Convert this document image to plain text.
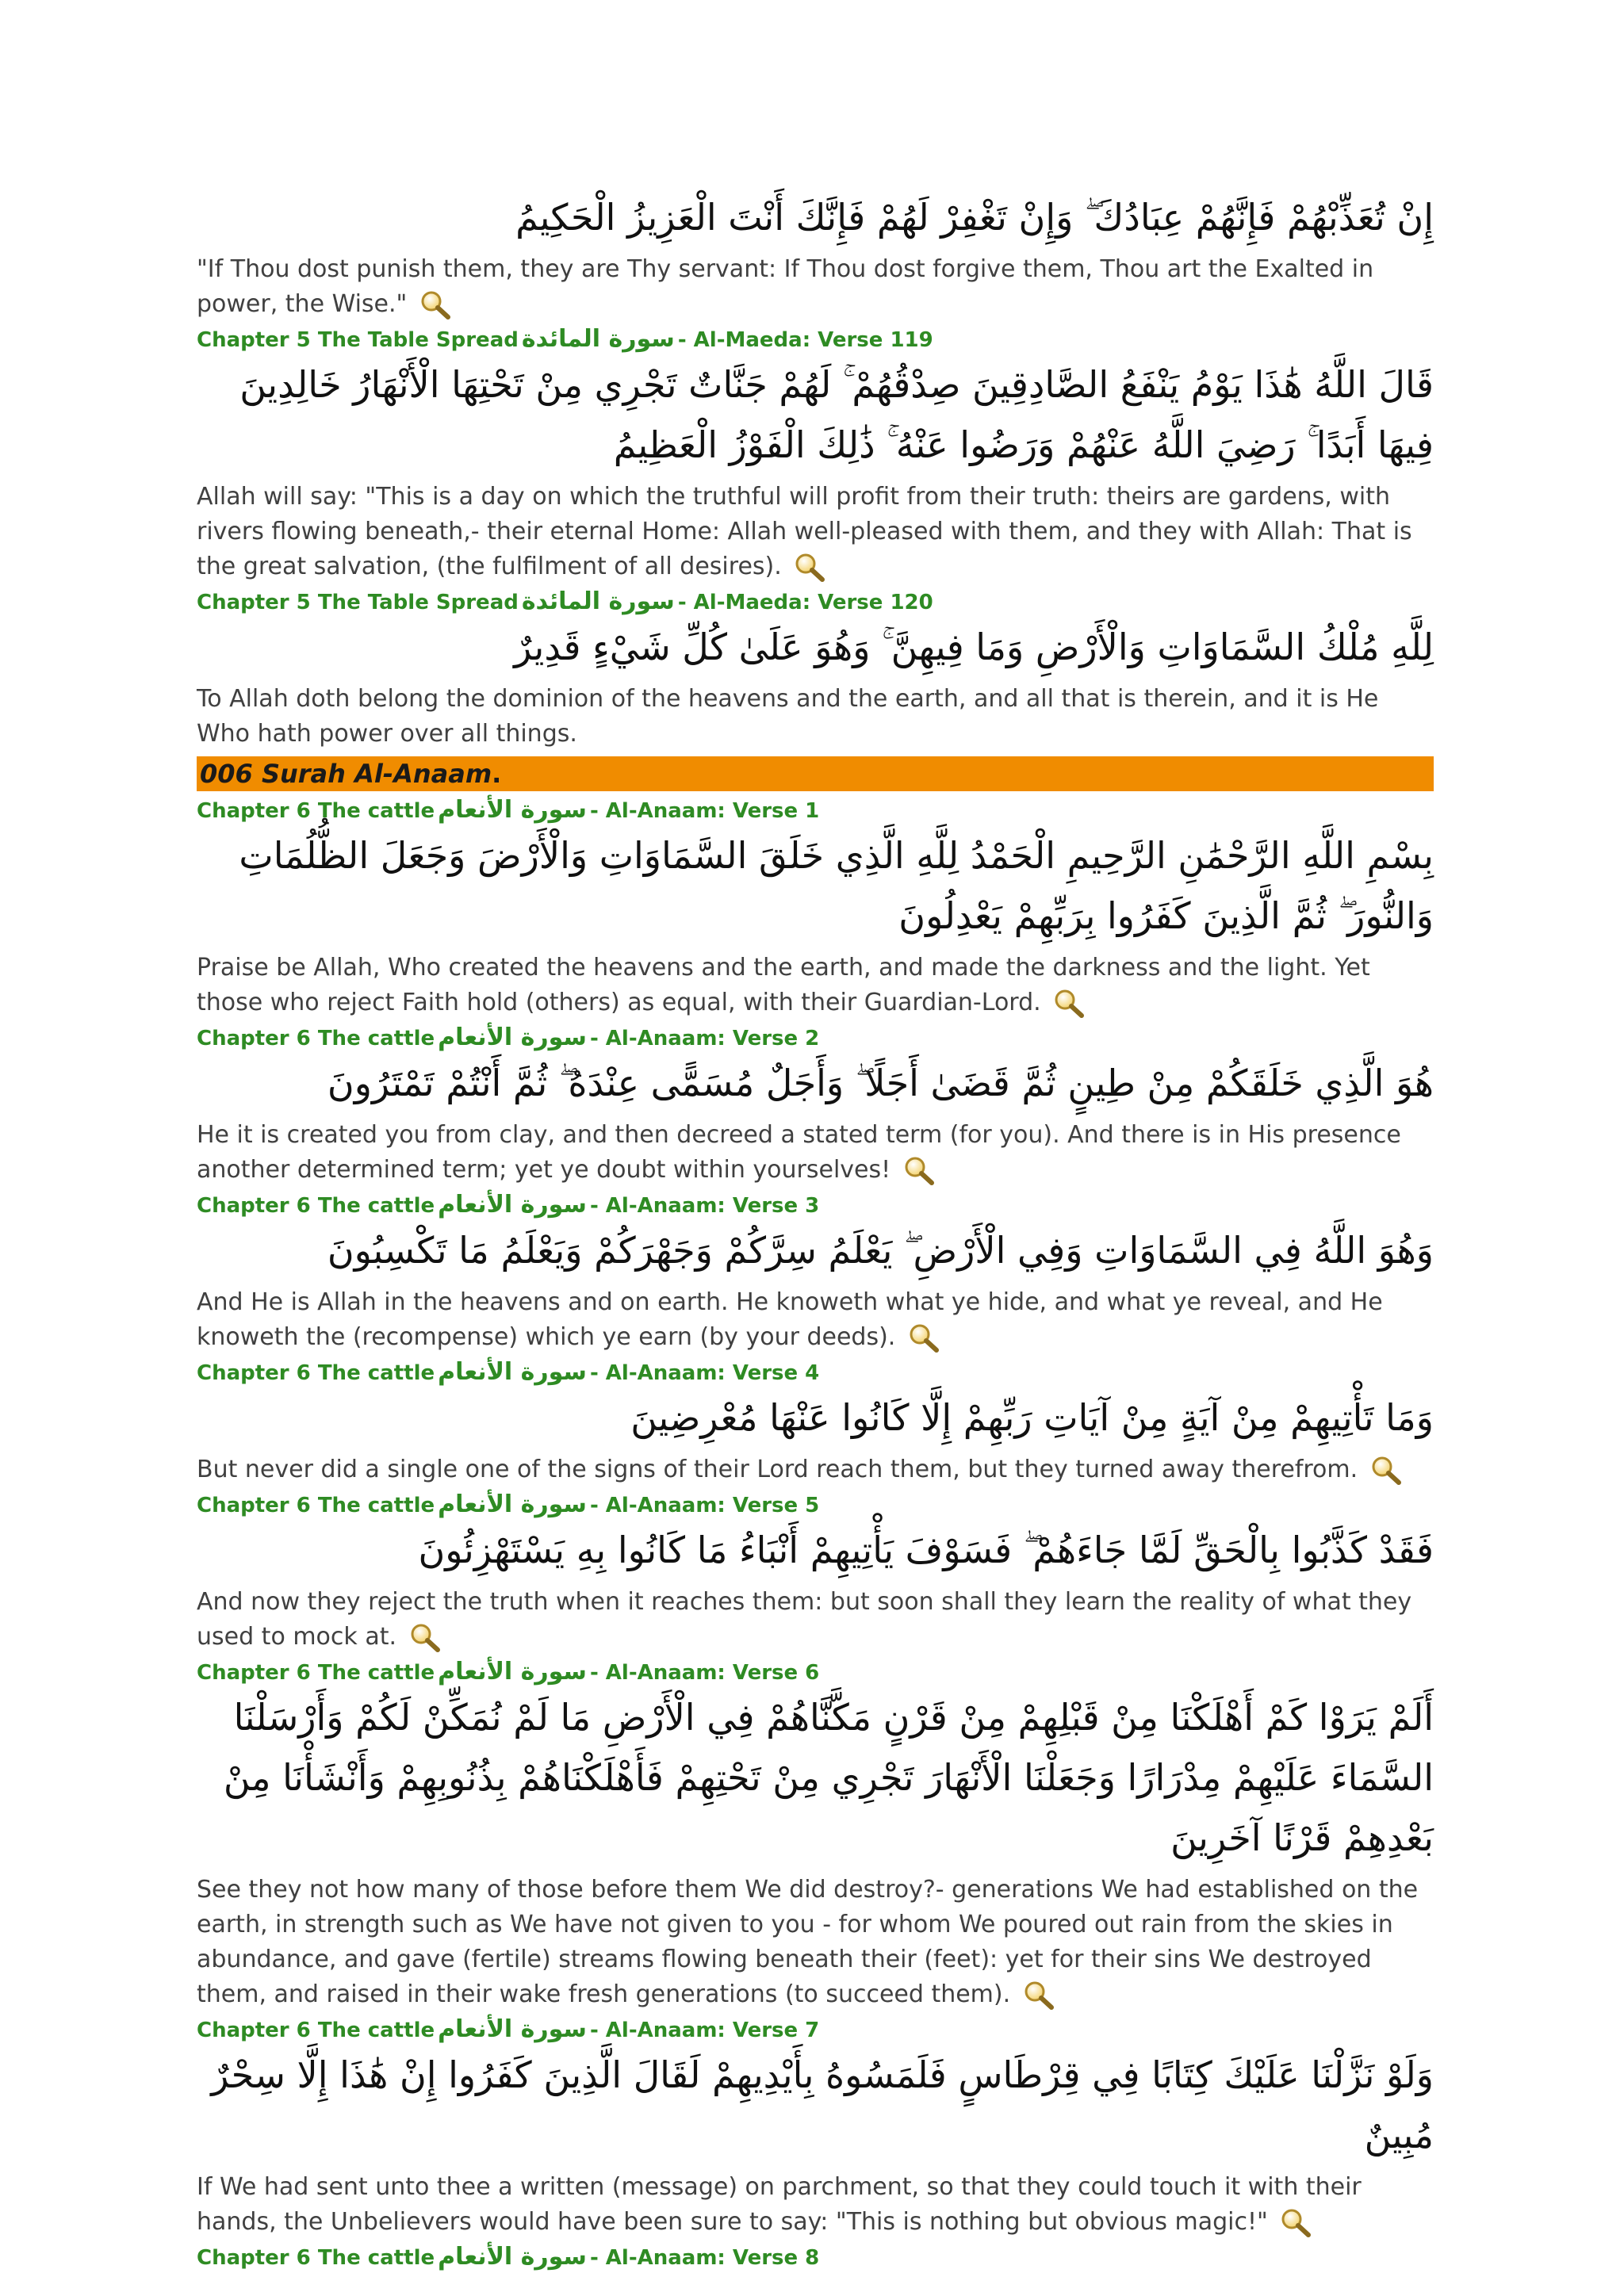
إِنْ تُعَذِّبْهُمْ فَإِنَّهُمْ عِبَادُكَ ۖ وَإِنْ تَغْفِرْ لَهُمْ فَإِنَّكَ أَنْتَ الْعَزِيزُ الْحَكِيمُ

"If Thou dost punish them, they are Thy servant: If Thou dost forgive them, Thou art the Exalted in power, the Wise."

Chapter 5 The Table Spread سورة المائدة - Al-Maeda: Verse 119

قَالَ اللَّهُ هَٰذَا يَوْمُ يَنْفَعُ الصَّادِقِينَ صِدْقُهُمْ ۚ لَهُمْ جَنَّاتٌ تَجْرِي مِنْ تَحْتِهَا الْأَنْهَارُ خَالِدِينَ فِيهَا أَبَدًا ۚ رَضِيَ اللَّهُ عَنْهُمْ وَرَضُوا عَنْهُ ۚ ذَٰلِكَ الْفَوْزُ الْعَظِيمُ

Allah will say: "This is a day on which the truthful will profit from their truth: theirs are gardens, with rivers flowing beneath,- their eternal Home: Allah well-pleased with them, and they with Allah: That is the great salvation, (the fulfilment of all desires).

Chapter 5 The Table Spread سورة المائدة - Al-Maeda: Verse 120

لِلَّهِ مُلْكُ السَّمَاوَاتِ وَالْأَرْضِ وَمَا فِيهِنَّ ۚ وَهُوَ عَلَىٰ كُلِّ شَيْءٍ قَدِيرٌ

To Allah doth belong the dominion of the heavens and the earth, and all that is therein, and it is He Who hath power over all things.

006 Surah Al-Anaam.
Chapter 6 The cattle سورة الأنعام - Al-Anaam: Verse 1

بِسْمِ اللَّهِ الرَّحْمَٰنِ الرَّحِيمِ الْحَمْدُ لِلَّهِ الَّذِي خَلَقَ السَّمَاوَاتِ وَالْأَرْضَ وَجَعَلَ الظُّلُمَاتِ وَالنُّورَ ۖ ثُمَّ الَّذِينَ كَفَرُوا بِرَبِّهِمْ يَعْدِلُونَ

Praise be Allah, Who created the heavens and the earth, and made the darkness and the light. Yet those who reject Faith hold (others) as equal, with their Guardian-Lord.

Chapter 6 The cattle سورة الأنعام - Al-Anaam: Verse 2

هُوَ الَّذِي خَلَقَكُمْ مِنْ طِينٍ ثُمَّ قَضَىٰ أَجَلًا ۖ وَأَجَلٌ مُسَمًّى عِنْدَهُ ۖ ثُمَّ أَنْتُمْ تَمْتَرُونَ

He it is created you from clay, and then decreed a stated term (for you). And there is in His presence another determined term; yet ye doubt within yourselves!

Chapter 6 The cattle سورة الأنعام - Al-Anaam: Verse 3

وَهُوَ اللَّهُ فِي السَّمَاوَاتِ وَفِي الْأَرْضِ ۖ يَعْلَمُ سِرَّكُمْ وَجَهْرَكُمْ وَيَعْلَمُ مَا تَكْسِبُونَ

And He is Allah in the heavens and on earth. He knoweth what ye hide, and what ye reveal, and He knoweth the (recompense) which ye earn (by your deeds).

Chapter 6 The cattle سورة الأنعام - Al-Anaam: Verse 4

وَمَا تَأْتِيهِمْ مِنْ آيَةٍ مِنْ آيَاتِ رَبِّهِمْ إِلَّا كَانُوا عَنْهَا مُعْرِضِينَ

But never did a single one of the signs of their Lord reach them, but they turned away therefrom.

Chapter 6 The cattle سورة الأنعام - Al-Anaam: Verse 5

فَقَدْ كَذَّبُوا بِالْحَقِّ لَمَّا جَاءَهُمْ ۖ فَسَوْفَ يَأْتِيهِمْ أَنْبَاءُ مَا كَانُوا بِهِ يَسْتَهْزِئُونَ

And now they reject the truth when it reaches them: but soon shall they learn the reality of what they used to mock at.

Chapter 6 The cattle سورة الأنعام - Al-Anaam: Verse 6

أَلَمْ يَرَوْا كَمْ أَهْلَكْنَا مِنْ قَبْلِهِمْ مِنْ قَرْنٍ مَكَّنَّاهُمْ فِي الْأَرْضِ مَا لَمْ نُمَكِّنْ لَكُمْ وَأَرْسَلْنَا السَّمَاءَ عَلَيْهِمْ مِدْرَارًا وَجَعَلْنَا الْأَنْهَارَ تَجْرِي مِنْ تَحْتِهِمْ فَأَهْلَكْنَاهُمْ بِذُنُوبِهِمْ وَأَنْشَأْنَا مِنْ بَعْدِهِمْ قَرْنًا آخَرِينَ

See they not how many of those before them We did destroy?- generations We had established on the earth, in strength such as We have not given to you - for whom We poured out rain from the skies in abundance, and gave (fertile) streams flowing beneath their (feet): yet for their sins We destroyed them, and raised in their wake fresh generations (to succeed them).

Chapter 6 The cattle سورة الأنعام - Al-Anaam: Verse 7

وَلَوْ نَزَّلْنَا عَلَيْكَ كِتَابًا فِي قِرْطَاسٍ فَلَمَسُوهُ بِأَيْدِيهِمْ لَقَالَ الَّذِينَ كَفَرُوا إِنْ هَٰذَا إِلَّا سِحْرٌ مُبِينٌ

If We had sent unto thee a written (message) on parchment, so that they could touch it with their hands, the Unbelievers would have been sure to say: "This is nothing but obvious magic!"

Chapter 6 The cattle سورة الأنعام - Al-Anaam: Verse 8
